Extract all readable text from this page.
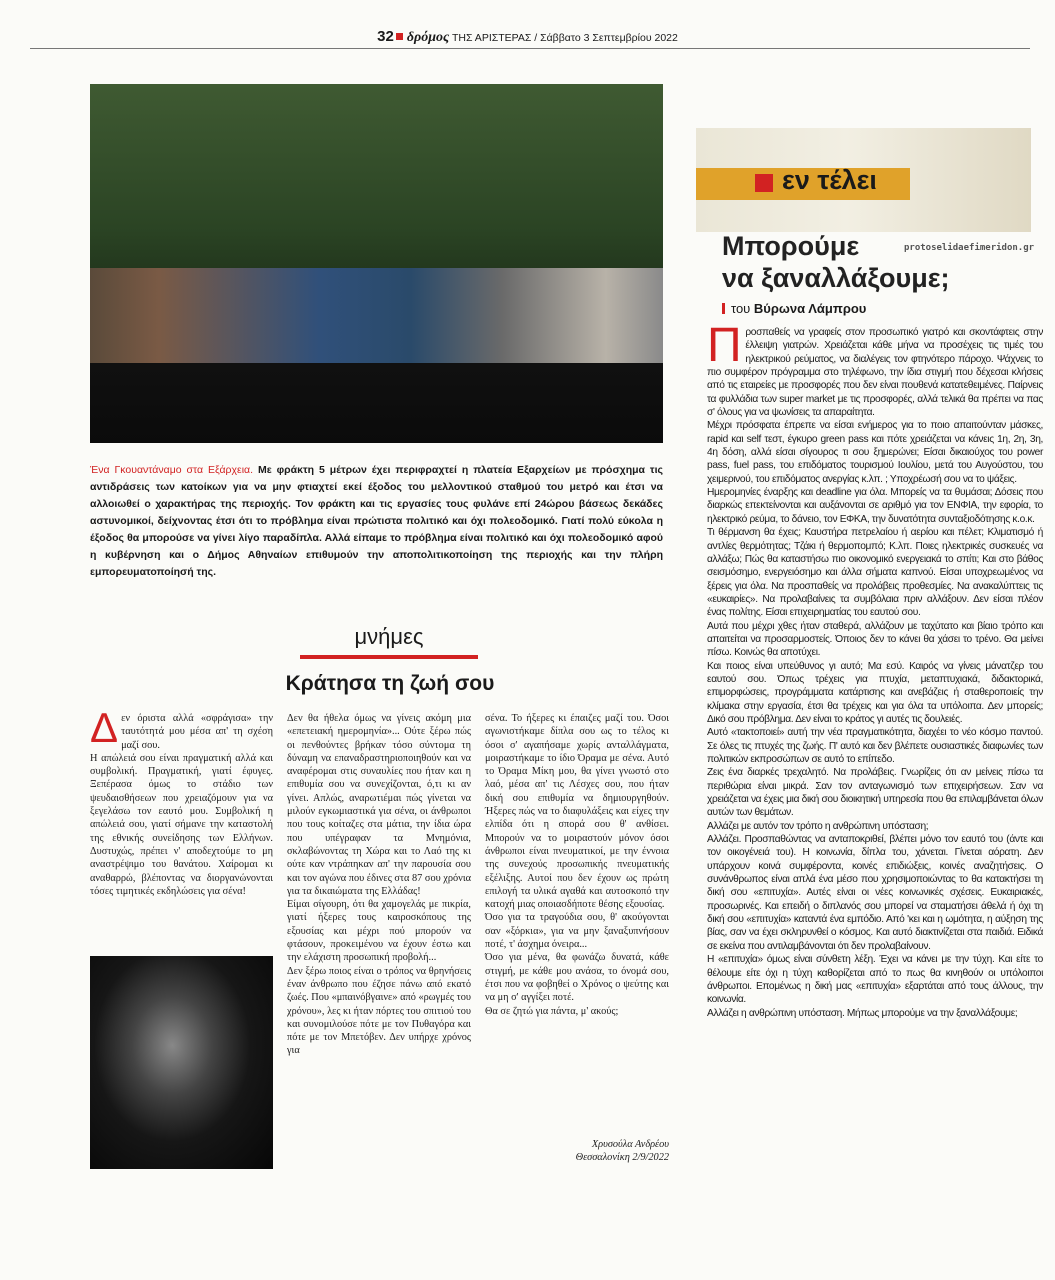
32 δρόμος ΤΗΣ ΑΡΙΣΤΕΡΑΣ / Σάββατο 3 Σεπτεμβρίου 2022
Ένα Γκουαντάναμο στα Εξάρχεια. Με φράκτη 5 μέτρων έχει περιφραχτεί η πλατεία Εξαρχείων με πρόσχημα τις αντιδράσεις των κατοίκων για να μην φτιαχτεί εκεί έξοδος του μελλοντικού σταθμού του μετρό και έτσι να αλλοιωθεί ο χαρακτήρας της περιοχής. Τον φράκτη και τις εργασίες τους φυλάνε επί 24ώρου βάσεως δεκάδες αστυνομικοί, δείχνοντας έτσι ότι το πρόβλημα είναι πρώτιστα πολιτικό και όχι πολεοδομικό. Γιατί πολύ εύκολα η έξοδος θα μπορούσε να γίνει λίγο παραδίπλα. Αλλά είπαμε το πρόβλημα είναι πολιτικό και όχι πολεοδομικό αφού η κυβέρνηση και ο Δήμος Αθηναίων επιθυμούν την αποπολιτικοποίηση της περιοχής και την πλήρη εμπορευματοποίησή της.
μνήμες
Κράτησα τη ζωή σου

Δεν όριστα αλλά «σφράγισα» την ταυτότητά μου μέσα απ' τη σχέση μαζί σου.

Η απώλειά σου είναι πραγματική αλλά και συμβολική. Πραγματική, γιατί έφυγες. Ξεπέρασα όμως το στάδιο των ψευδαισθήσεων που χρειαζόμουν για να ξεγελάσω τον εαυτό μου. Συμβολική η απώλειά σου, γιατί σήμανε την καταστολή της εθνικής συνείδησης των Ελλήνων. Δυστυχώς, πρέπει ν' αποδεχτούμε το μη αναστρέψιμο του θανάτου. Χαίρομαι κι αναθαρρώ, βλέποντας να διοργανώνονται τόσες τιμητικές εκδηλώσεις για σένα!

Δεν θα ήθελα όμως να γίνεις ακόμη μια «επετειακή ημερομηνία»... Ούτε ξέρω πώς οι πενθούντες βρήκαν τόσο σύντομα τη δύναμη να επαναδραστηριοποιηθούν και να αναφέρομαι στις συναυλίες που ήταν και η επιθυμία σου να συνεχίζονται, ό,τι κι αν γίνει. Απλώς, αναρωτιέμαι πώς γίνεται να μιλούν εγκωμιαστικά για σένα, οι άνθρωποι που τους κοίταζες στα μάτια, την ίδια ώρα που υπέγραφαν τα Μνημόνια, σκλαβώνοντας τη Χώρα και το Λαό της κι ούτε καν ντράπηκαν απ' την παρουσία σου και τον αγώνα που έδινες στα 87 σου χρόνια για τα δικαιώματα της Ελλάδας!

Είμαι σίγουρη, ότι θα χαμογελάς με πικρία, γιατί ήξερες τους καιροσκόπους της εξουσίας και μέχρι πού μπορούν να φτάσουν, προκειμένου να έχουν έστω και την ελάχιστη προσωπική προβολή...

Δεν ξέρω ποιος είναι ο τρόπος να θρηνήσεις έναν άνθρωπο που έζησε πάνω από εκατό ζωές. Που «μπαινόβγαινε» από «ρωγμές του χρόνου», λες κι ήταν πόρτες του σπιτιού του και συνομιλούσε πότε με τον Πυθαγόρα και πότε με τον Μπετόβεν. Δεν υπήρχε χρόνος για

σένα. Το ήξερες κι έπαιζες μαζί του. Όσοι αγωνιστήκαμε δίπλα σου ως το τέλος κι όσοι σ' αγαπήσαμε χωρίς ανταλλάγματα, μοιραστήκαμε το ίδιο Όραμα με σένα. Αυτό το Όραμα Μίκη μου, θα γίνει γνωστό στο λαό, μέσα απ' τις Λέσχες σου, που ήταν δική σου επιθυμία να δημιουργηθούν. Ήξερες πώς να το διαφυλάξεις και είχες την ελπίδα ότι η σπορά σου θ' ανθίσει. Μπορούν να το μοιραστούν μόνον όσοι άνθρωποι είναι πνευματικοί, με την έννοια της συνεχούς προσωπικής πνευματικής εξέλιξης. Αυτοί που δεν έχουν ως πρώτη επιλογή τα υλικά αγαθά και αυτοσκοπό την κατοχή μιας οποιασδήποτε θέσης εξουσίας.

Όσο για τα τραγούδια σου, θ' ακούγονται σαν «ξόρκια», για να μην ξαναξυπνήσουν ποτέ, τ' άσχημα όνειρα...

Όσο για μένα, θα φωνάζω δυνατά, κάθε στιγμή, με κάθε μου ανάσα, το όνομά σου, έτσι που να φοβηθεί ο Χρόνος ο ψεύτης και να μη σ' αγγίξει ποτέ.

Θα σε ζητώ για πάντα, μ' ακούς;

Χρυσούλα Ανδρέου
Θεσσαλονίκη 2/9/2022
εν τέλει
Μπορούμε
να ξαναλλάξουμε;
protoselidaefimeridon.gr
του Βύρωνα Λάμπρου

Προσπαθείς να γραφείς στον προσωπικό γιατρό και σκοντάφτεις στην έλλειψη γιατρών. Χρειάζεται κάθε μήνα να προσέχεις τις τιμές του ηλεκτρικού ρεύματος, να διαλέγεις τον φτηνότερο πάροχο. Ψάχνεις το πιο συμφέρον πρόγραμμα στο τηλέφωνο, την ίδια στιγμή που δέχεσαι κλήσεις από τις εταιρείες με προσφορές που δεν είναι πουθενά κατατεθειμένες. Παίρνεις τα φυλλάδια των super market με τις προσφορές, αλλά τελικά θα πρέπει να πας σ' όλους για να ψωνίσεις τα απαραίτητα.

Μέχρι πρόσφατα έπρεπε να είσαι ενήμερος για το ποιο απαιτούνταν μάσκες, rapid και self τεστ, έγκυρο green pass και πότε χρειάζεται να κάνεις 1η, 2η, 3η, 4η δόση, αλλά είσαι σίγουρος τι σου ξημερώνει; Είσαι δικαιούχος του power pass, fuel pass, του επιδόματος τουρισμού Ιουλίου, μετά του Αυγούστου, του χειμερινού, του επιδόματος ανεργίας κ.λπ. ; Υποχρέωσή σου να το ψάξεις.

Ημερομηνίες έναρξης και deadline για όλα. Μπορείς να τα θυμάσαι; Δόσεις που διαρκώς επεκτείνονται και αυξάνονται σε αριθμό για τον ΕΝΦΙΑ, την εφορία, το ηλεκτρικό ρεύμα, το δάνειο, τον ΕΦΚΑ, την δυνατότητα συνταξιοδότησης κ.ο.κ.

Τι θέρμανση θα έχεις; Καυστήρα πετρελαίου ή αερίου και πέλετ; Κλιματισμό ή αντλίες θερμότητας; Τζάκι ή θερμοπομπό; Κ.λπ. Ποιες ηλεκτρικές συσκευές να αλλάξω; Πώς θα καταστήσω πιο οικονομικό ενεργειακά το σπίτι; Και στο βάθος σεισμόσημο, ενεργειόσημο και άλλα σήματα καπνού. Είσαι υποχρεωμένος να ξέρεις για όλα. Να προσπαθείς να προλάβεις προθεσμίες. Να ανακαλύπτεις τις «ευκαιρίες». Να προλαβαίνεις τα συμβόλαια πριν αλλάξουν. Δεν είσαι πλέον ένας πολίτης. Είσαι επιχειρηματίας του εαυτού σου.

Αυτά που μέχρι χθες ήταν σταθερά, αλλάζουν με ταχύτατο και βίαιο τρόπο και απαιτείται να προσαρμοστείς. Όποιος δεν το κάνει θα χάσει το τρένο. Θα μείνει πίσω. Κοινώς θα αποτύχει.

Και ποιος είναι υπεύθυνος γι αυτό; Μα εσύ. Καιρός να γίνεις μάνατζερ του εαυτού σου. Όπως τρέχεις για πτυχία, μεταπτυχιακά, διδακτορικά, επιμορφώσεις, προγράμματα κατάρτισης και ανεβάζεις ή σταθεροποιείς την κλίμακα στην εργασία, έτσι θα τρέχεις και για όλα τα υπόλοιπα. Δεν μπορείς; Δικό σου πρόβλημα. Δεν είναι το κράτος γι αυτές τις δουλειές.

Αυτό «τακτοποιεί» αυτή την νέα πραγματικότητα, διαχέει το νέο κόσμο παντού. Σε όλες τις πτυχές της ζωής. Π' αυτό και δεν βλέπετε ουσιαστικές διαφωνίες των πολιτικών εκπροσώπων σε αυτό το επίπεδο.

Ζεις ένα διαρκές τρεχαλητό. Να προλάβεις. Γνωρίζεις ότι αν μείνεις πίσω τα περιθώρια είναι μικρά. Σαν τον ανταγωνισμό των επιχειρήσεων. Σαν να χρειάζεται να έχεις μια δική σου διοικητική υπηρεσία που θα επιλαμβάνεται όλων αυτών των θεμάτων.

Αλλάζει με αυτόν τον τρόπο η ανθρώπινη υπόσταση;

Αλλάζει. Προσπαθώντας να ανταποκριθεί, βλέπει μόνο τον εαυτό του (άντε και τον οικογένειά του). Η κοινωνία, δίπλα του, χάνεται. Γίνεται αόρατη. Δεν υπάρχουν κοινά συμφέροντα, κοινές επιδιώξεις, κοινές αναζητήσεις. Ο συνάνθρωπος είναι απλά ένα μέσο που χρησιμοποιώντας το θα κατακτήσει τη δική σου «επιτυχία». Αυτές είναι οι νέες κοινωνικές σχέσεις. Ευκαιριακές, προσωρινές. Και επειδή ο διπλανός σου μπορεί να σταματήσει άθελά ή όχι τη δική σου «επιτυχία» καταντά ένα εμπόδιο. Από 'κει και η ωμότητα, η αύξηση της βίας, σαν να έχει σκληρυνθεί ο κόσμος. Και αυτό διακτινίζεται στα παιδιά. Ειδικά σε εκείνα που αντιλαμβάνονται ότι δεν προλαβαίνουν.

Η «επιτυχία» όμως είναι σύνθετη λέξη. Έχει να κάνει με την τύχη. Και είτε το θέλουμε είτε όχι η τύχη καθορίζεται από το πως θα κινηθούν οι υπόλοιποι άνθρωποι. Επομένως η δική μας «επιτυχία» εξαρτάται από τους άλλους, την κοινωνία.

Αλλάζει η ανθρώπινη υπόσταση. Μήπως μπορούμε να την ξαναλλάξουμε;
